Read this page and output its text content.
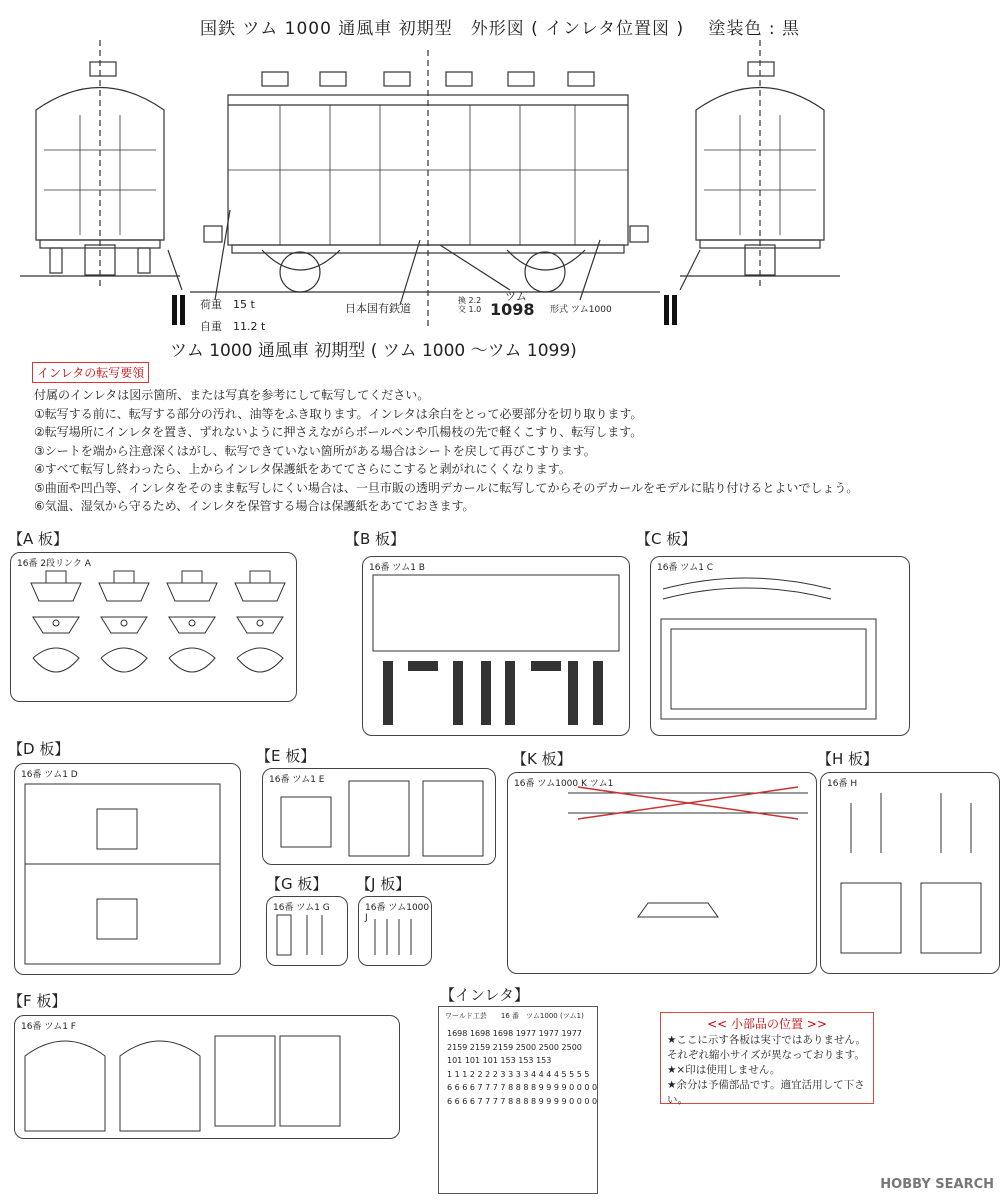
国鉄 ツム 1000 通風車 初期型　外形図 ( インレタ位置図 )　 塗装色 : 黒
荷重　15 t
自重　11.2 t
日本国有鉄道
換 2.2
交 1.0
ツム
1098 形式 ツム1000
ツム 1000 通風車 初期型 ( ツム 1000 ～ツム 1099)
インレタの転写要領
付属のインレタは図示箇所、または写真を参考にして転写してください。
①転写する前に、転写する部分の汚れ、油等をふき取ります。インレタは余白をとって必要部分を切り取ります。
②転写場所にインレタを置き、ずれないように押さえながらボールペンや爪楊枝の先で軽くこすり、転写します。
③シートを端から注意深くはがし、転写できていない箇所がある場合はシートを戻して再びこすります。
④すべて転写し終わったら、上からインレタ保護紙をあててさらにこすると剥がれにくくなります。
⑤曲面や凹凸等、インレタをそのまま転写しにくい場合は、一旦市販の透明デカールに転写してからそのデカールをモデルに貼り付けるとよいでしょう。
⑥気温、湿気から守るため、インレタを保管する場合は保護紙をあてておきます。
【A 板】	【B 板】	【C 板】
【D 板】	【E 板】	【K 板】	【H 板】
【G 板】 【J 板】
【F 板】	【インレタ】
16番 2段リンク A	16番 ツム1 B	16番 ツム1 C
16番 ツム1 D	16番 ツム1 E	16番 ツム1000 K ツム1	16番 H
16番 ツム1 G	16番 ツム1000 J
16番 ツム1 F
ワールド工芸　　16 番　ツム1000 (ツム1)
1698 1698 1698 1977 1977 1977
2159 2159 2159 2500 2500 2500
101 101 101 153 153 153
1 1 1 2 2 2 2 3 3 3 3 4 4 4 4 5 5 5 5
6 6 6 6 7 7 7 7 8 8 8 8 9 9 9 9 0 0 0 0
6 6 6 6 7 7 7 7 8 8 8 8 9 9 9 9 0 0 0 0
<< 小部品の位置 >>
★ここに示す各板は実寸ではありません。
それぞれ縮小サイズが異なっております。
★×印は使用しません。
★余分は予備部品です。適宜活用して下さい。
HOBBY SEARCH
